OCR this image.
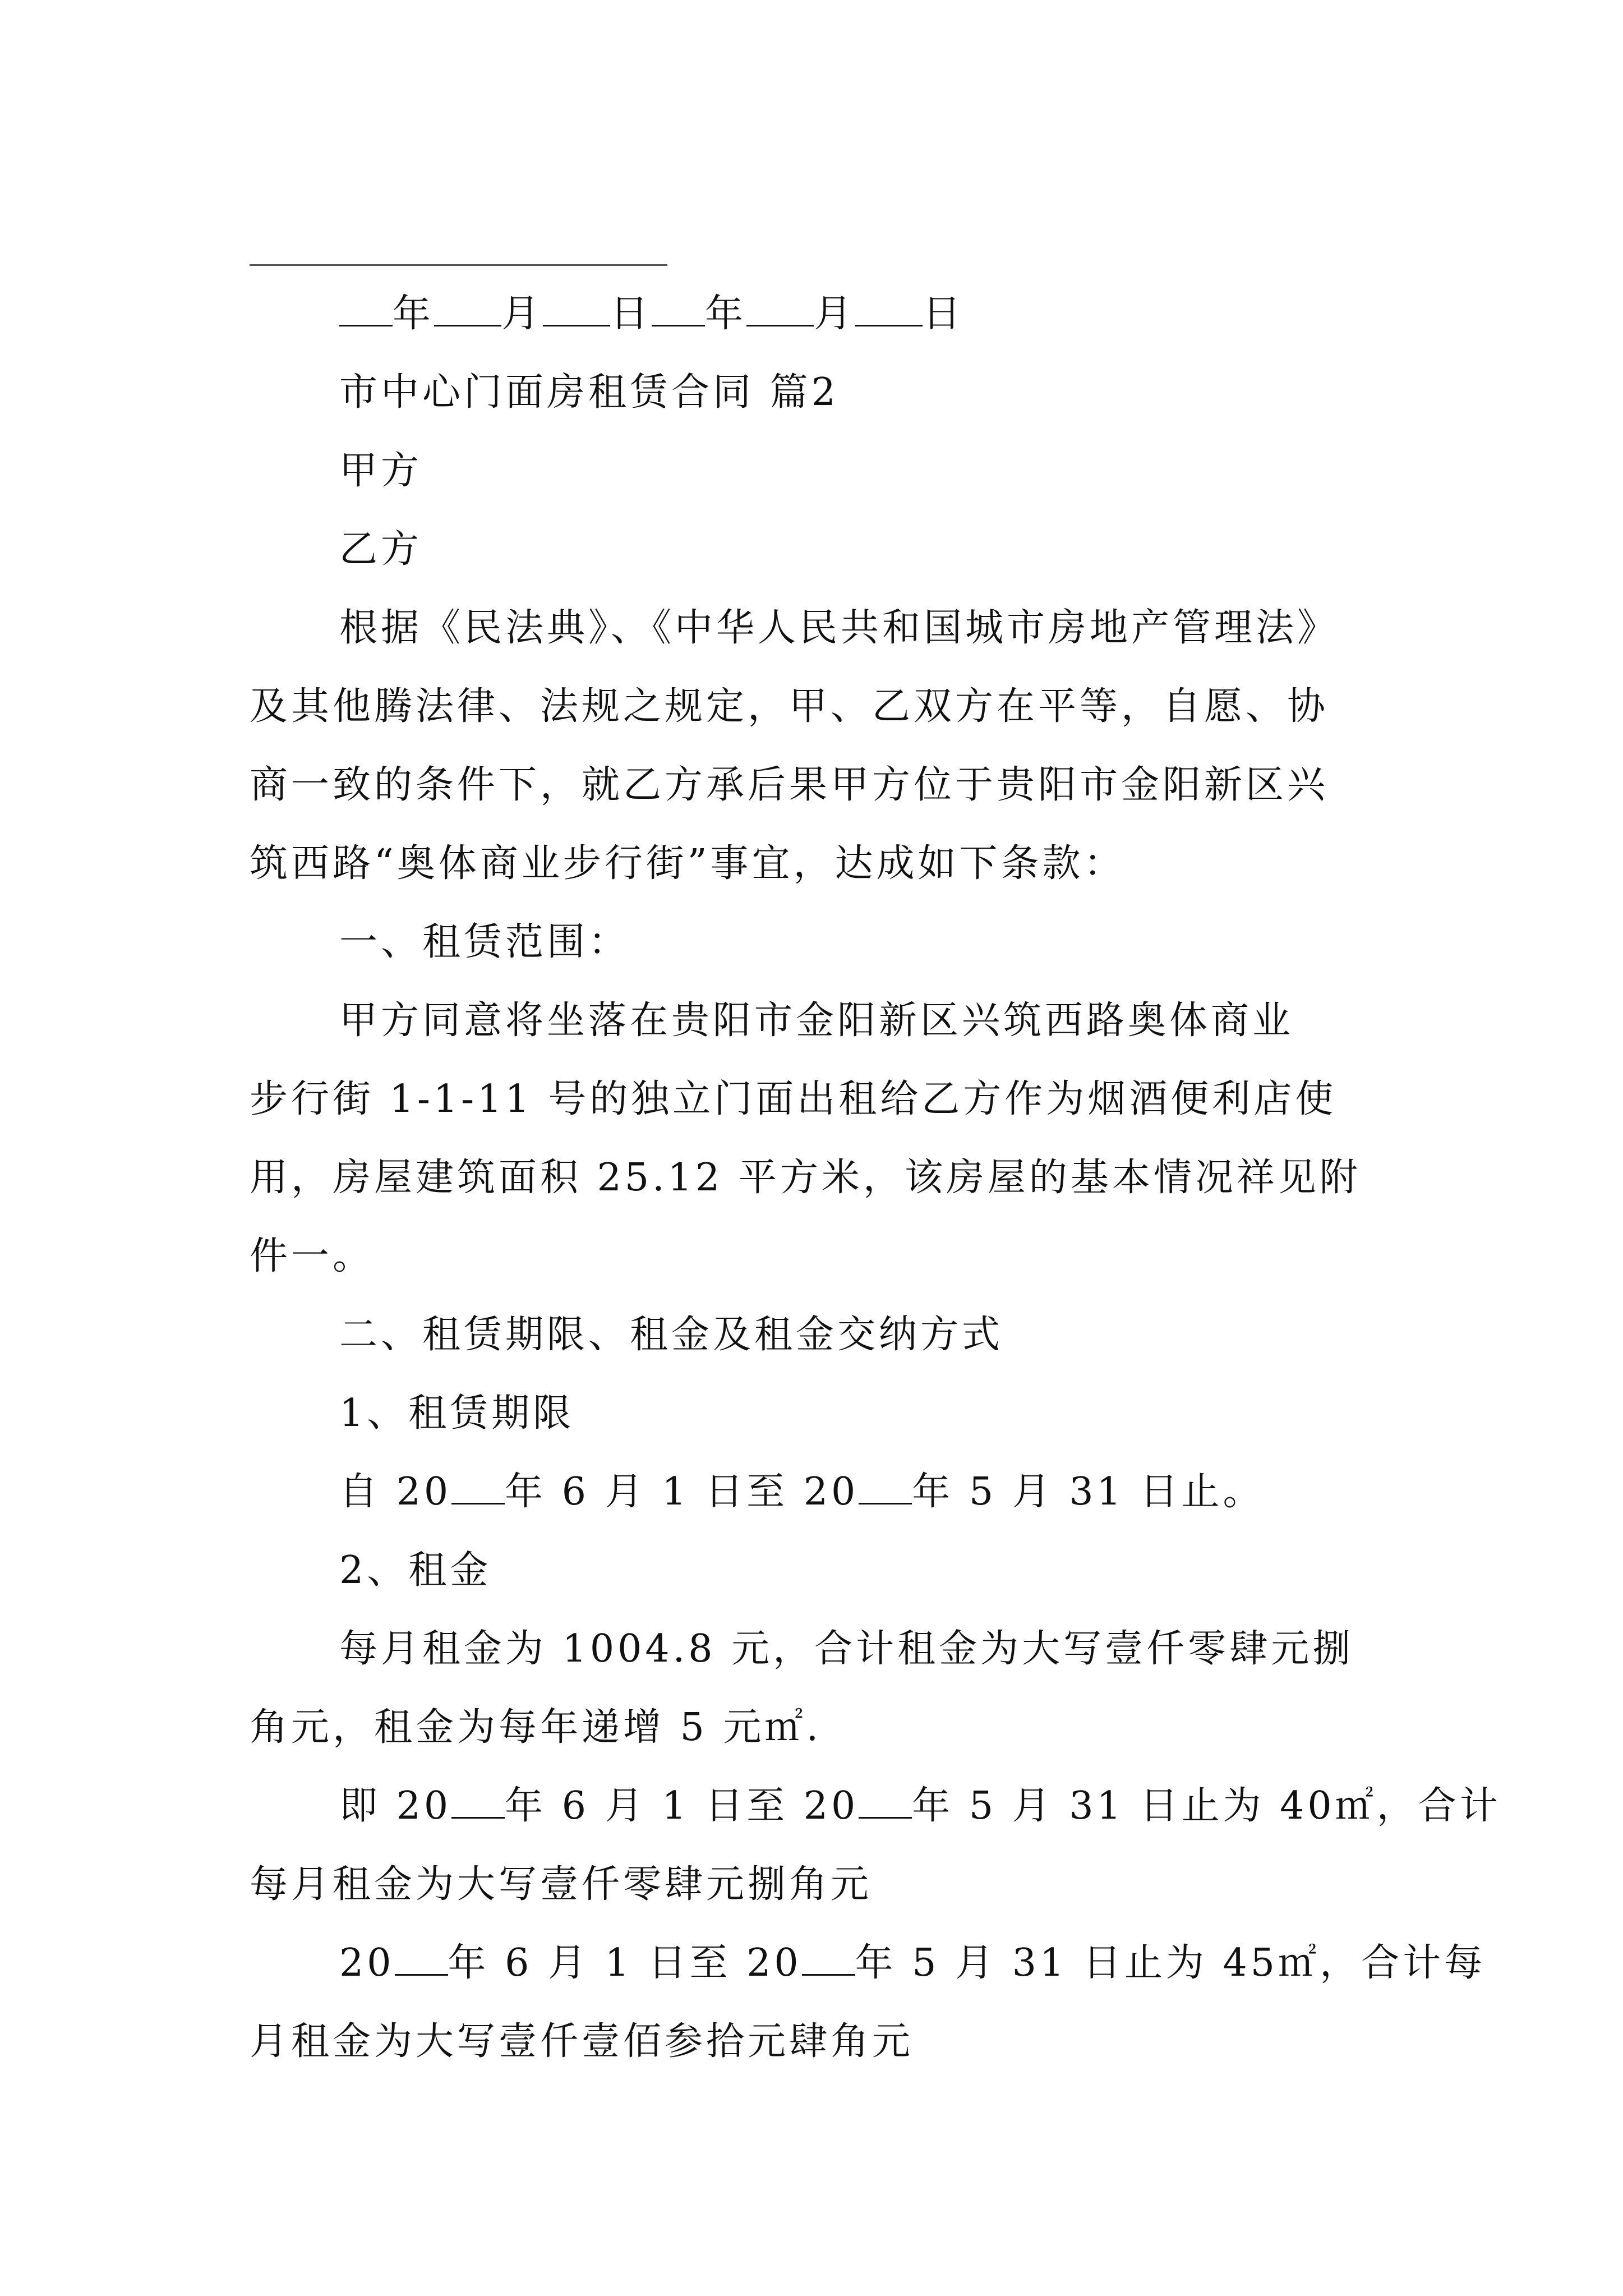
年 月 日 年 月 日
市中心门面房租赁合同 篇2
甲方
乙方
根据《民法典》、《中华人民共和国城市房地产管理法》
及其他腾法律、法规之规定，甲、乙双方在平等，自愿、协
商一致的条件下，就乙方承后果甲方位于贵阳市金阳新区兴
筑西路“奥体商业步行街”事宜，达成如下条款：
一、租赁范围：
甲方同意将坐落在贵阳市金阳新区兴筑西路奥体商业
步行街 1-1-11 号的独立门面出租给乙方作为烟酒便利店使
用，房屋建筑面积 25.12 平方米，该房屋的基本情况祥见附
件一。
二、租赁期限、租金及租金交纳方式
1、租赁期限
自 20 年 6 月 1 日至 20 年 5 月 31 日止。
2、租金
每月租金为 1004.8 元，合计租金为大写壹仟零肆元捌
角元，租金为每年递增 5 元㎡.
即 20 年 6 月 1 日至 20 年 5 月 31 日止为 40㎡，合计
每月租金为大写壹仟零肆元捌角元
20 年 6 月 1 日至 20 年 5 月 31 日止为 45㎡，合计每
月租金为大写壹仟壹佰参拾元肆角元
